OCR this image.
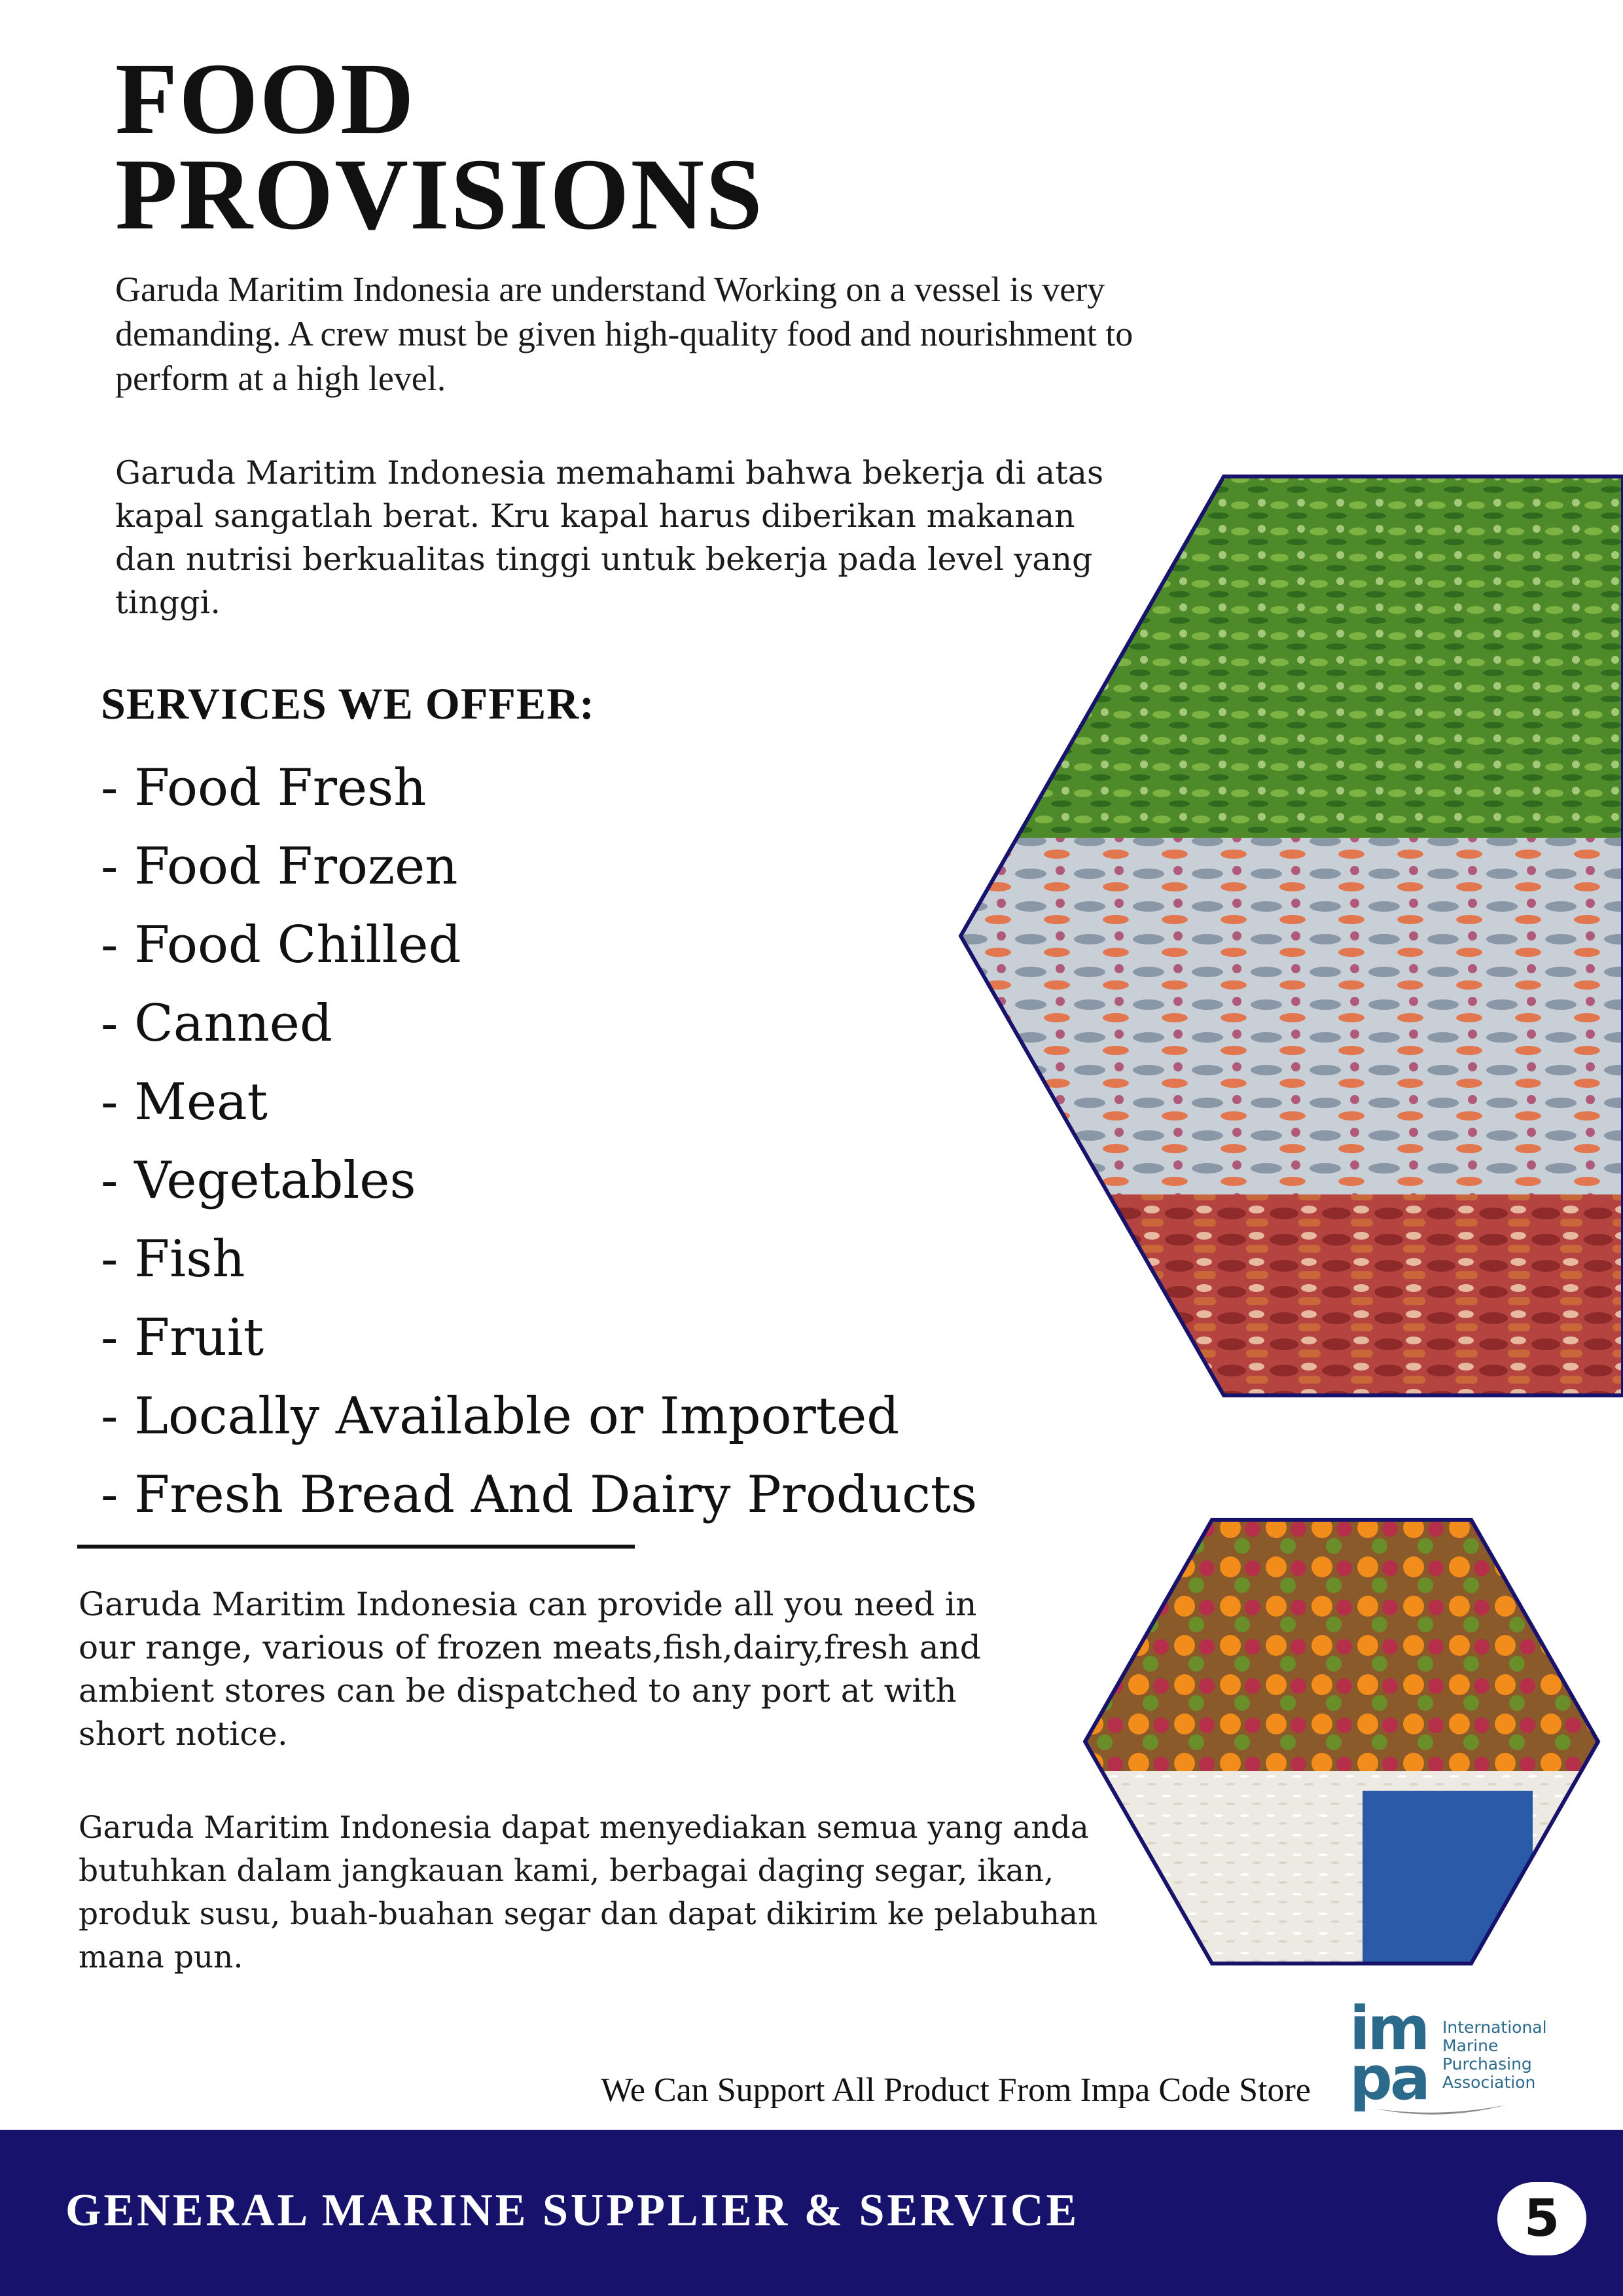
FOOD
PROVISIONS

Garuda Maritim Indonesia are understand Working on a vessel is very demanding. A crew must be given high-quality food and nourishment to perform at a high level.

Garuda Maritim Indonesia memahami bahwa bekerja di atas kapal sangatlah berat. Kru kapal harus diberikan makanan dan nutrisi berkualitas tinggi untuk bekerja pada level yang tinggi.

SERVICES WE OFFER:
- Food Fresh
- Food Frozen
- Food Chilled
- Canned
- Meat
- Vegetables
- Fish
- Fruit
- Locally Available or Imported
- Fresh Bread And Dairy Products

Garuda Maritim Indonesia can provide all you need in our range, various of frozen meats,fish,dairy,fresh and ambient stores can be dispatched to any port at with short notice.

Garuda Maritim Indonesia dapat menyediakan semua yang anda butuhkan dalam jangkauan kami, berbagai daging segar, ikan, produk susu, buah-buahan segar dan dapat dikirim ke pelabuhan mana pun.

We Can Support All Product From Impa Code Store

im
pa
International
Marine
Purchasing
Association

GENERAL MARINE SUPPLIER & SERVICE	5
